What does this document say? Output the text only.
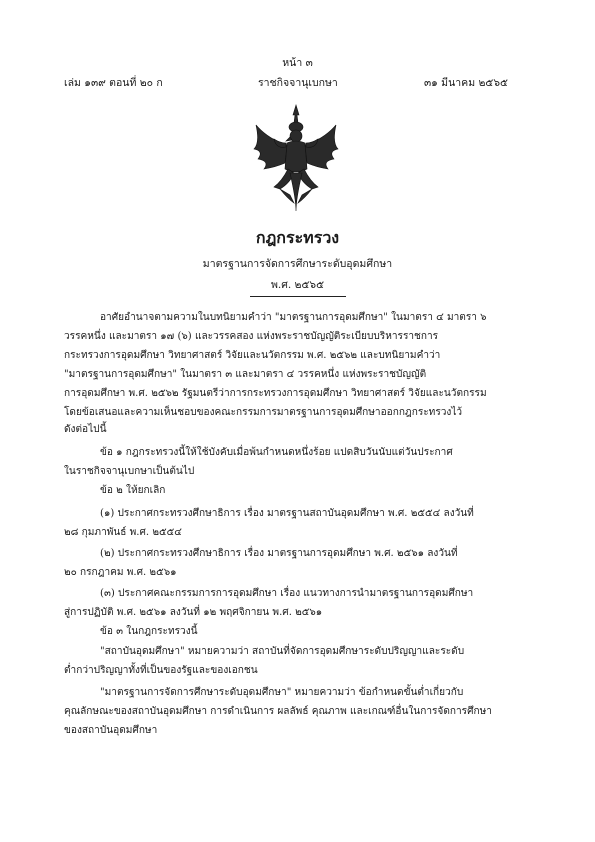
หน้า ๓
เล่ม ๑๓๙ ตอนที่ ๒๐ ก	ราชกิจจานุเบกษา	๓๑ มีนาคม ๒๕๖๕
กฎกระทรวง
มาตรฐานการจัดการศึกษาระดับอุดมศึกษา
พ.ศ. ๒๕๖๕
อาศัยอำนาจตามความในบทนิยามคำว่า "มาตรฐานการอุดมศึกษา" ในมาตรา ๔ มาตรา ๖
วรรคหนึ่ง และมาตรา ๑๗ (๖) และวรรคสอง แห่งพระราชบัญญัติระเบียบบริหารราชการ
กระทรวงการอุดมศึกษา วิทยาศาสตร์ วิจัยและนวัตกรรม พ.ศ. ๒๕๖๒ และบทนิยามคำว่า
"มาตรฐานการอุดมศึกษา" ในมาตรา ๓ และมาตรา ๔ วรรคหนึ่ง แห่งพระราชบัญญัติ
การอุดมศึกษา พ.ศ. ๒๕๖๒ รัฐมนตรีว่าการกระทรวงการอุดมศึกษา วิทยาศาสตร์ วิจัยและนวัตกรรม
โดยข้อเสนอและความเห็นชอบของคณะกรรมการมาตรฐานการอุดมศึกษาออกกฎกระทรวงไว้
ดังต่อไปนี้
ข้อ ๑ กฎกระทรวงนี้ให้ใช้บังคับเมื่อพ้นกำหนดหนึ่งร้อย แปดสิบวันนับแต่วันประกาศ
ในราชกิจจานุเบกษาเป็นต้นไป
ข้อ ๒ ให้ยกเลิก
(๑) ประกาศกระทรวงศึกษาธิการ เรื่อง มาตรฐานสถาบันอุดมศึกษา พ.ศ. ๒๕๕๔ ลงวันที่
๒๘ กุมภาพันธ์ พ.ศ. ๒๕๕๔
(๒) ประกาศกระทรวงศึกษาธิการ เรื่อง มาตรฐานการอุดมศึกษา พ.ศ. ๒๕๖๑ ลงวันที่
๒๐ กรกฎาคม พ.ศ. ๒๕๖๑
(๓) ประกาศคณะกรรมการการอุดมศึกษา เรื่อง แนวทางการนำมาตรฐานการอุดมศึกษา
สู่การปฏิบัติ พ.ศ. ๒๕๖๑ ลงวันที่ ๑๒ พฤศจิกายน พ.ศ. ๒๕๖๑
ข้อ ๓ ในกฎกระทรวงนี้
"สถาบันอุดมศึกษา" หมายความว่า สถาบันที่จัดการอุดมศึกษาระดับปริญญาและระดับ
ต่ำกว่าปริญญาทั้งที่เป็นของรัฐและของเอกชน
"มาตรฐานการจัดการศึกษาระดับอุดมศึกษา" หมายความว่า ข้อกำหนดขั้นต่ำเกี่ยวกับ
คุณลักษณะของสถาบันอุดมศึกษา การดำเนินการ ผลลัพธ์ คุณภาพ และเกณฑ์อื่นในการจัดการศึกษา
ของสถาบันอุดมศึกษา
